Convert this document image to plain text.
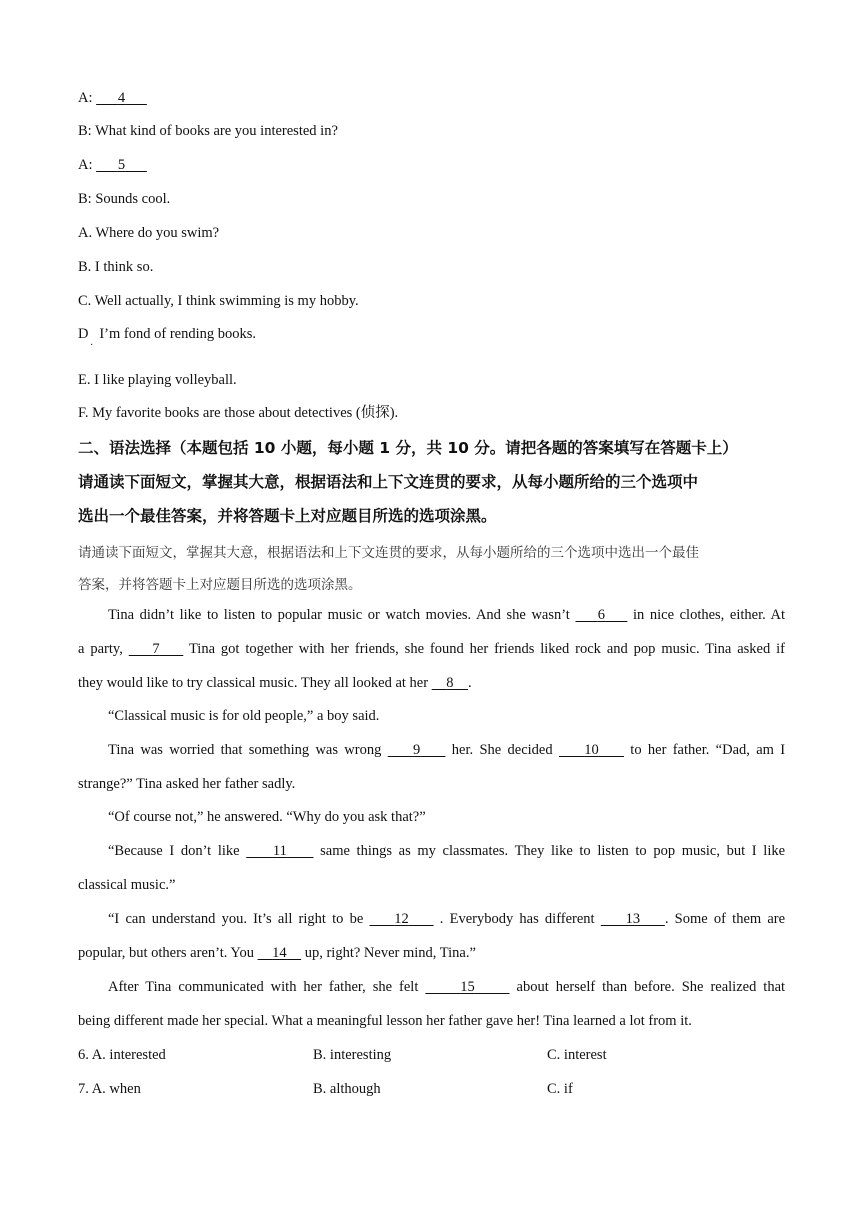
A: 4
B: What kind of books are you interested in?
A: 5
B: Sounds cool.
A. Where do you swim?
B. I think so.
C. Well actually, I think swimming is my hobby.
D   I’m fond of rending books.
·
E. I like playing volleyball.
F. My favorite books are those about detectives (侦探).
二、语法选择（本题包括 10 小题，每小题 1 分，共 10 分。请把各题的答案填写在答题卡上）
请通读下面短文，掌握其大意，根据语法和上下文连贯的要求，从每小题所给的三个选项中
选出一个最佳答案，并将答题卡上对应题目所选的选项涂黑。
请通读下面短文，掌握其大意，根据语法和上下文连贯的要求，从每小题所给的三个选项中选出一个最佳
答案，并将答题卡上对应题目所选的选项涂黑。
Tina didn’t like to listen to popular music or watch movies. And she wasn’t 6 in nice clothes, either. At
a party, 7 Tina got together with her friends, she found her friends liked rock and pop music. Tina asked if
they would like to try classical music. They all looked at her 8 .
“Classical music is for old people,” a boy said.
Tina was worried that something was wrong 9 her. She decided 10 to her father. “Dad, am I
strange?” Tina asked her father sadly.
“Of course not,” he answered. “Why do you ask that?”
“Because I don’t like 11 same things as my classmates. They like to listen to pop music, but I like
classical music.”
“I can understand you. It’s all right to be 12 . Everybody has different 13 . Some of them are
popular, but others aren’t. You 14 up, right? Never mind, Tina.”
After Tina communicated with her father, she felt	15	about herself than before. She realized that
being different made her special. What a meaningful lesson her father gave her! Tina learned a lot from it.
6. A. interested	B. interesting	C. interest
7. A. when	B. although	C. if
